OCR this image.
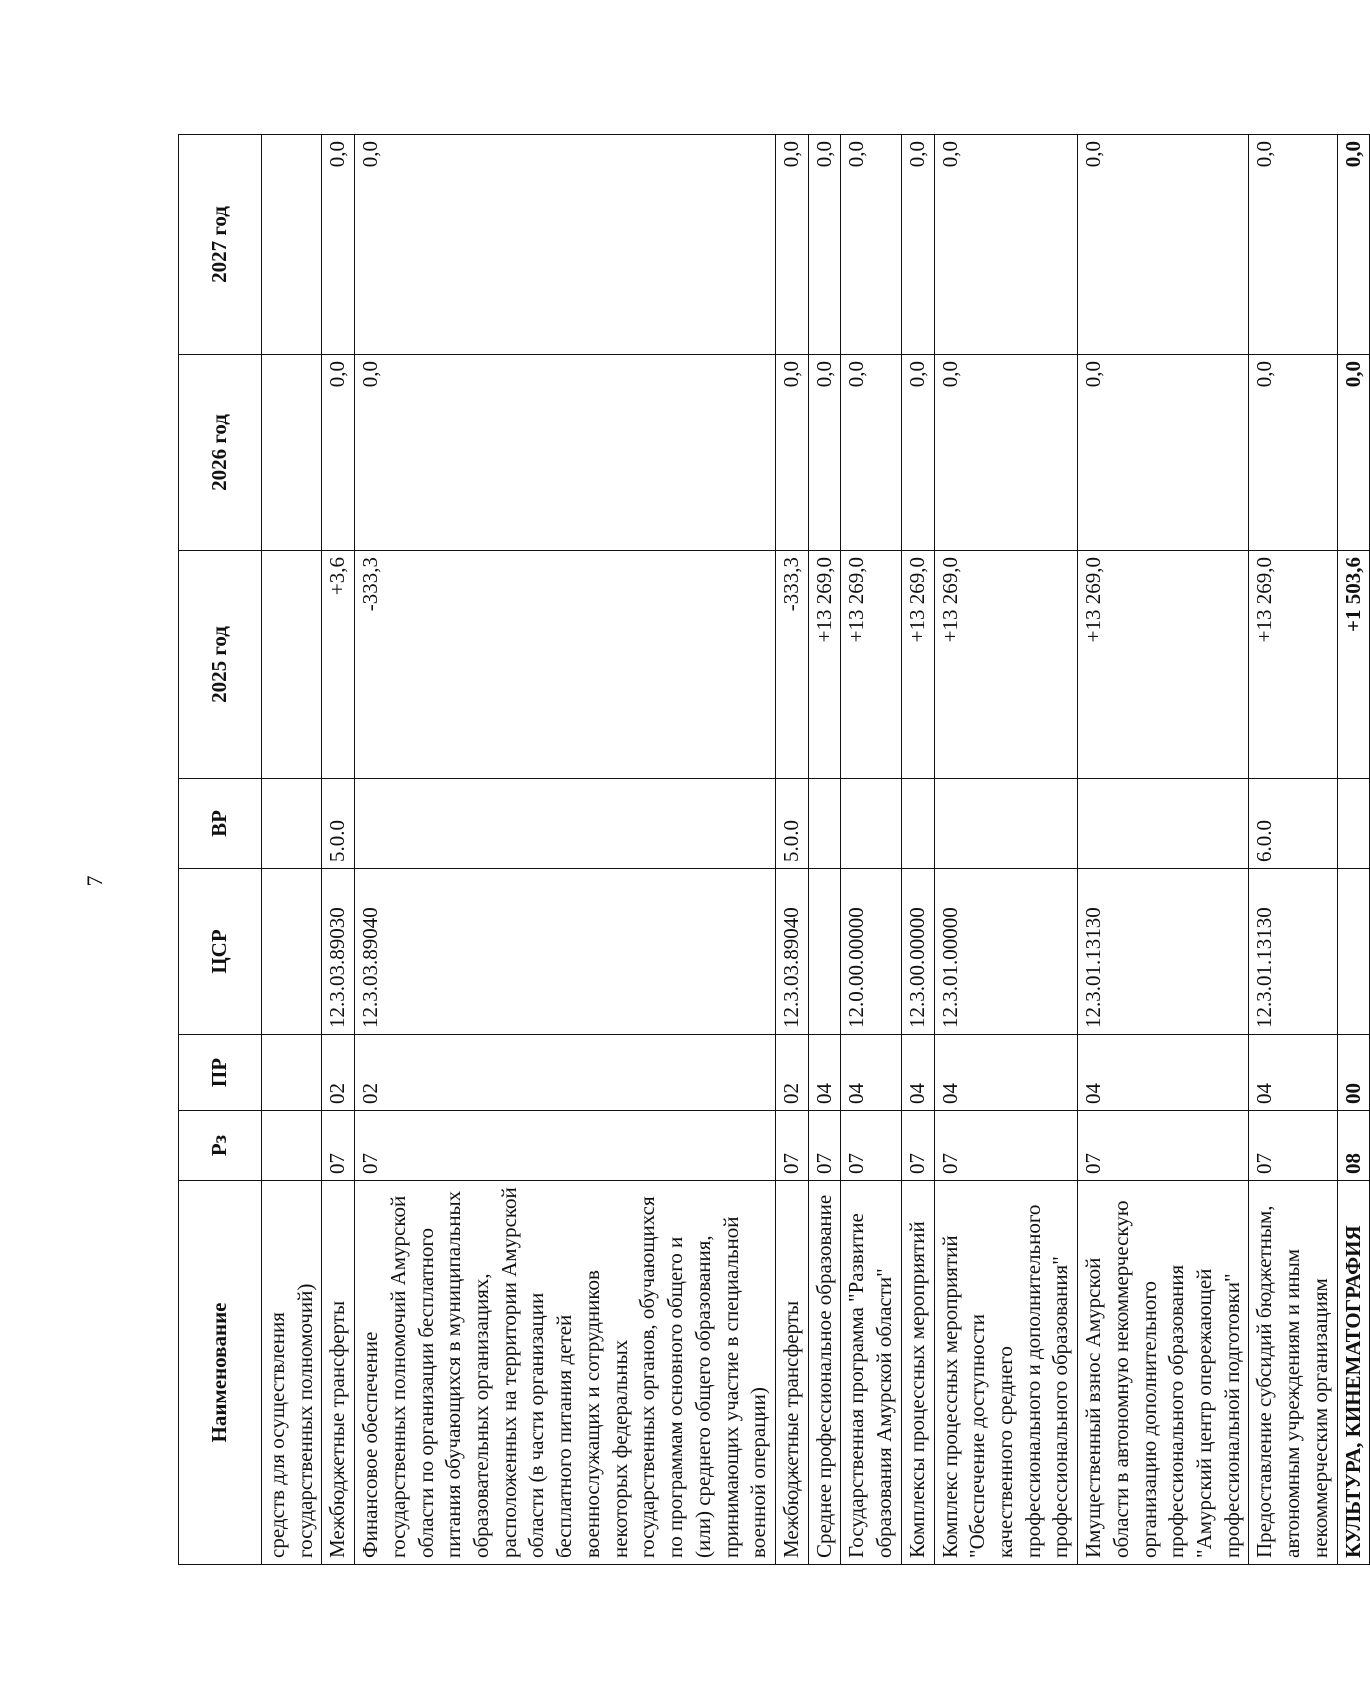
7
Наименование	Рз	ПР	ЦСР	ВР	2025 год	2026 год	2027 год
средств для осуществления государственных полномочий)							
Межбюджетные трансферты	07	02	12.3.03.89030	5.0.0	+3,6	0,0	0,0
Финансовое обеспечение государственных полномочий Амурской области по организации бесплатного питания обучающихся в муниципальных образовательных организациях, расположенных на территории Амурской области (в части организации бесплатного питания детей военнослужащих и сотрудников некоторых федеральных государственных органов, обучающихся по программам основного общего и (или) среднего общего образования, принимающих участие в специальной военной операции)	07	02	12.3.03.89040		-333,3	0,0	0,0
Межбюджетные трансферты	07	02	12.3.03.89040	5.0.0	-333,3	0,0	0,0
Среднее профессиональное образование	07	04			+13 269,0	0,0	0,0
Государственная программа "Развитие образования Амурской области"	07	04	12.0.00.00000		+13 269,0	0,0	0,0
Комплексы процессных мероприятий	07	04	12.3.00.00000		+13 269,0	0,0	0,0
Комплекс процессных мероприятий "Обеспечение доступности качественного среднего профессионального и дополнительного профессионального образования"	07	04	12.3.01.00000		+13 269,0	0,0	0,0
Имущественный взнос Амурской области в автономную некоммерческую организацию дополнительного профессионального образования "Амурский центр опережающей профессиональной подготовки"	07	04	12.3.01.13130		+13 269,0	0,0	0,0
Предоставление субсидий бюджетным, автономным учреждениям и иным некоммерческим организациям	07	04	12.3.01.13130	6.0.0	+13 269,0	0,0	0,0
КУЛЬТУРА, КИНЕМАТОГРАФИЯ	08	00			+1 503,6	0,0	0,0
